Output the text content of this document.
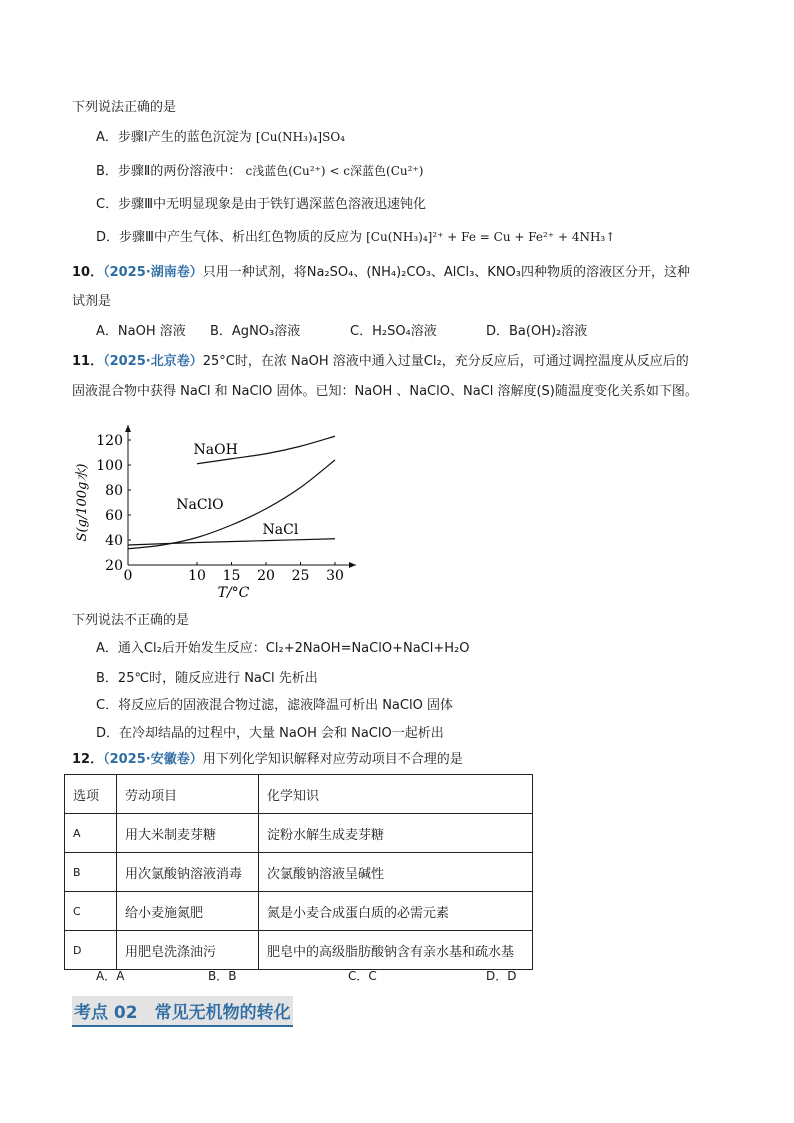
下列说法正确的是
A．步骤Ⅰ产生的蓝色沉淀为 [Cu(NH₃)₄]SO₄
B．步骤Ⅱ的两份溶液中： c浅蓝色(Cu²⁺) < c深蓝色(Cu²⁺)
C．步骤Ⅲ中无明显现象是由于铁钉遇深蓝色溶液迅速钝化
D．步骤Ⅲ中产生气体、析出红色物质的反应为 [Cu(NH₃)₄]²⁺ + Fe = Cu + Fe²⁺ + 4NH₃↑
10．（2025·湖南卷）只用一种试剂，将Na₂SO₄、(NH₄)₂CO₃、AlCl₃、KNO₃四种物质的溶液区分开，这种
试剂是
A．NaOH 溶液 B．AgNO₃溶液	C．H₂SO₄溶液	D．Ba(OH)₂溶液
11．（2025·北京卷）25°C时，在浓 NaOH 溶液中通入过量Cl₂，充分反应后，可通过调控温度从反应后的
固液混合物中获得 NaCl 和 NaClO 固体。已知：NaOH 、NaClO、NaCl 溶解度(S)随温度变化关系如下图。
0	10 15 20 25 30
20
40
60
80
100
120
T/°C
S(g/100g水)
NaOH
NaClO
NaCl
下列说法不正确的是
A．通入Cl₂后开始发生反应：Cl₂+2NaOH=NaClO+NaCl+H₂O
B．25℃时，随反应进行 NaCl 先析出
C．将反应后的固液混合物过滤，滤液降温可析出 NaClO 固体
D．在冷却结晶的过程中，大量 NaOH 会和 NaClO一起析出
12．（2025·安徽卷）用下列化学知识解释对应劳动项目不合理的是
选项	劳动项目	化学知识
A	用大米制麦芽糖	淀粉水解生成麦芽糖
B	用次氯酸钠溶液消毒	次氯酸钠溶液呈碱性
C	给小麦施氮肥	氮是小麦合成蛋白质的必需元素
D	用肥皂洗涤油污	肥皂中的高级脂肪酸钠含有亲水基和疏水基
A．A	B．B	C．C	D．D
考点 02　常见无机物的转化
